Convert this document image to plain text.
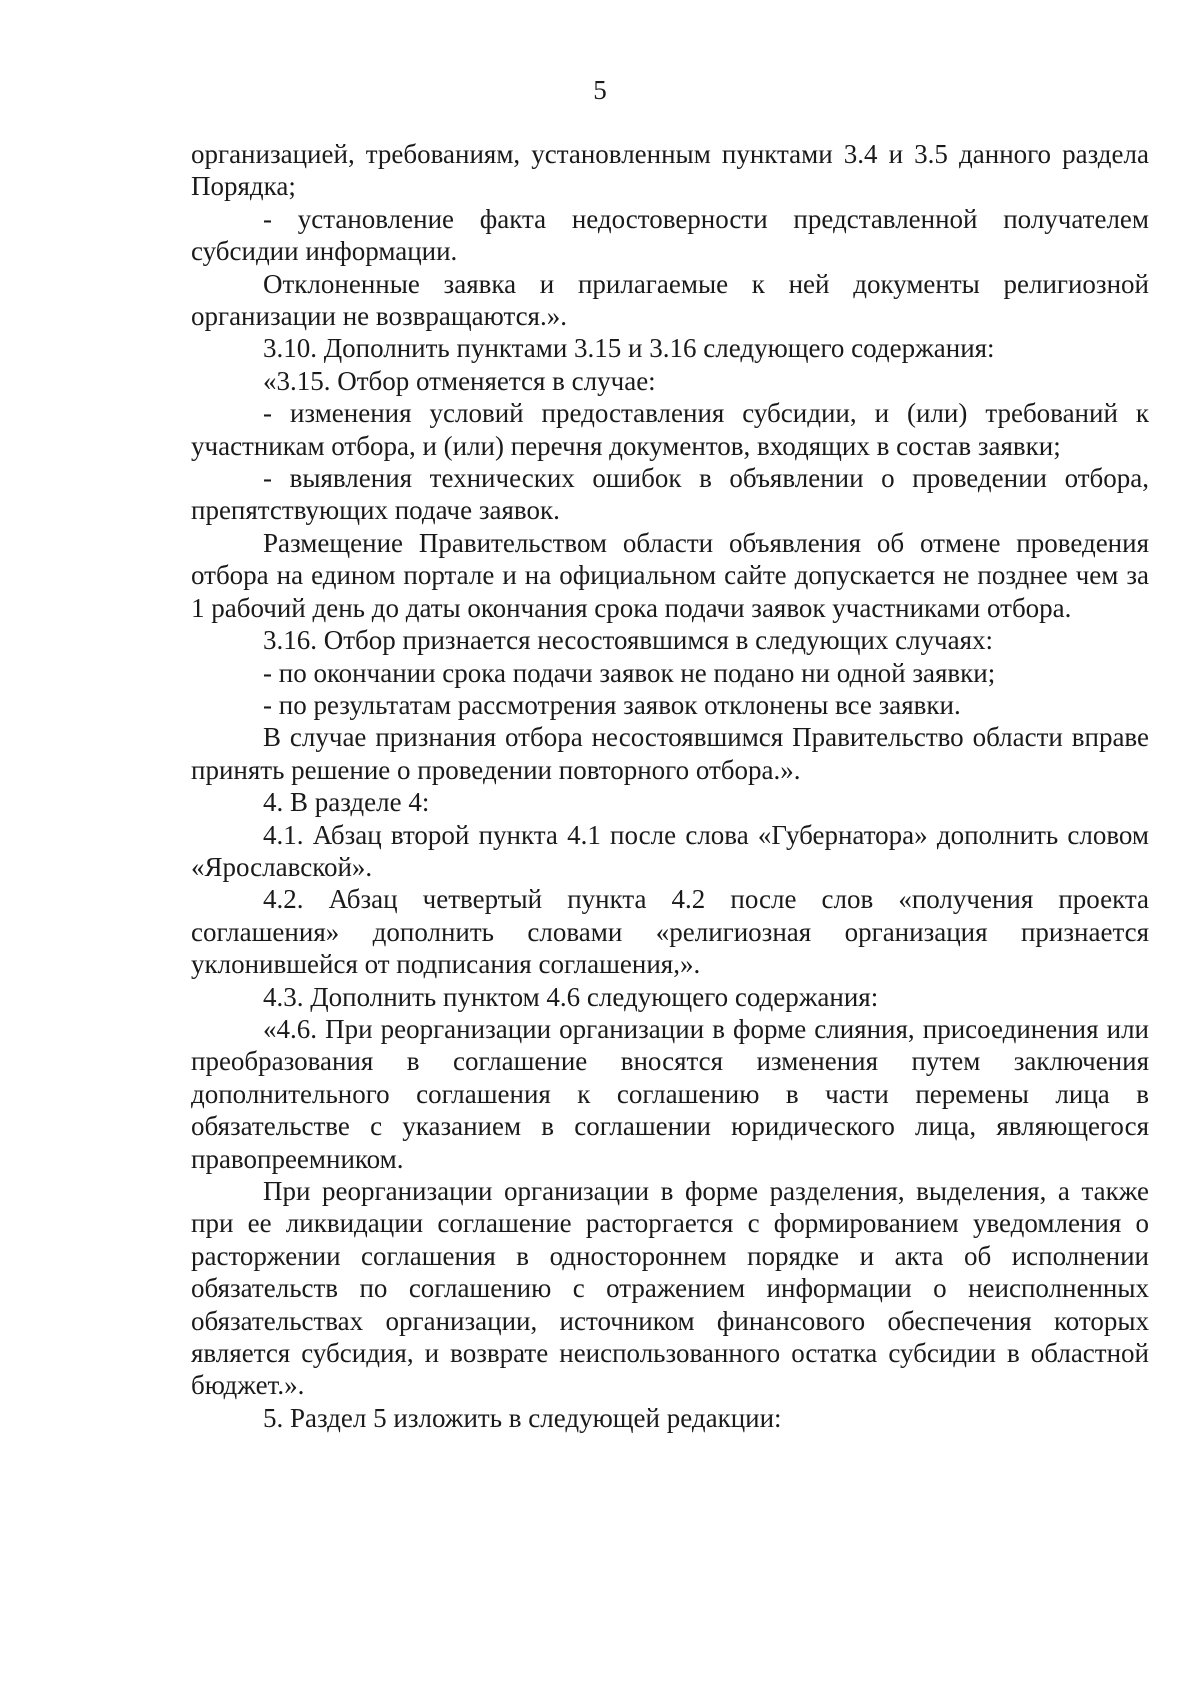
5

организацией, требованиям, установленным пунктами 3.4 и 3.5 данного раздела Порядка;

- установление факта недостоверности представленной получателем субсидии информации.

Отклоненные заявка и прилагаемые к ней документы религиозной организации не возвращаются.».

3.10. Дополнить пунктами 3.15 и 3.16 следующего содержания:

«3.15. Отбор отменяется в случае:

- изменения условий предоставления субсидии, и (или) требований к участникам отбора, и (или) перечня документов, входящих в состав заявки;

- выявления технических ошибок в объявлении о проведении отбора, препятствующих подаче заявок.

Размещение Правительством области объявления об отмене проведения отбора на едином портале и на официальном сайте допускается не позднее чем за 1 рабочий день до даты окончания срока подачи заявок участниками отбора.

3.16. Отбор признается несостоявшимся в следующих случаях:

- по окончании срока подачи заявок не подано ни одной заявки;

- по результатам рассмотрения заявок отклонены все заявки.

В случае признания отбора несостоявшимся Правительство области вправе принять решение о проведении повторного отбора.».

4. В разделе 4:

4.1. Абзац второй пункта 4.1 после слова «Губернатора» дополнить словом «Ярославской».

4.2. Абзац четвертый пункта 4.2 после слов «получения проекта соглашения» дополнить словами «религиозная организация признается уклонившейся от подписания соглашения,».

4.3. Дополнить пунктом 4.6 следующего содержания:

«4.6. При реорганизации организации в форме слияния, присоединения или преобразования в соглашение вносятся изменения путем заключения дополнительного соглашения к соглашению в части перемены лица в обязательстве с указанием в соглашении юридического лица, являющегося правопреемником.

При реорганизации организации в форме разделения, выделения, а также при ее ликвидации соглашение расторгается с формированием уведомления о расторжении соглашения в одностороннем порядке и акта об исполнении обязательств по соглашению с отражением информации о неисполненных обязательствах организации, источником финансового обеспечения которых является субсидия, и возврате неиспользованного остатка субсидии в областной бюджет.».

5. Раздел 5 изложить в следующей редакции:
